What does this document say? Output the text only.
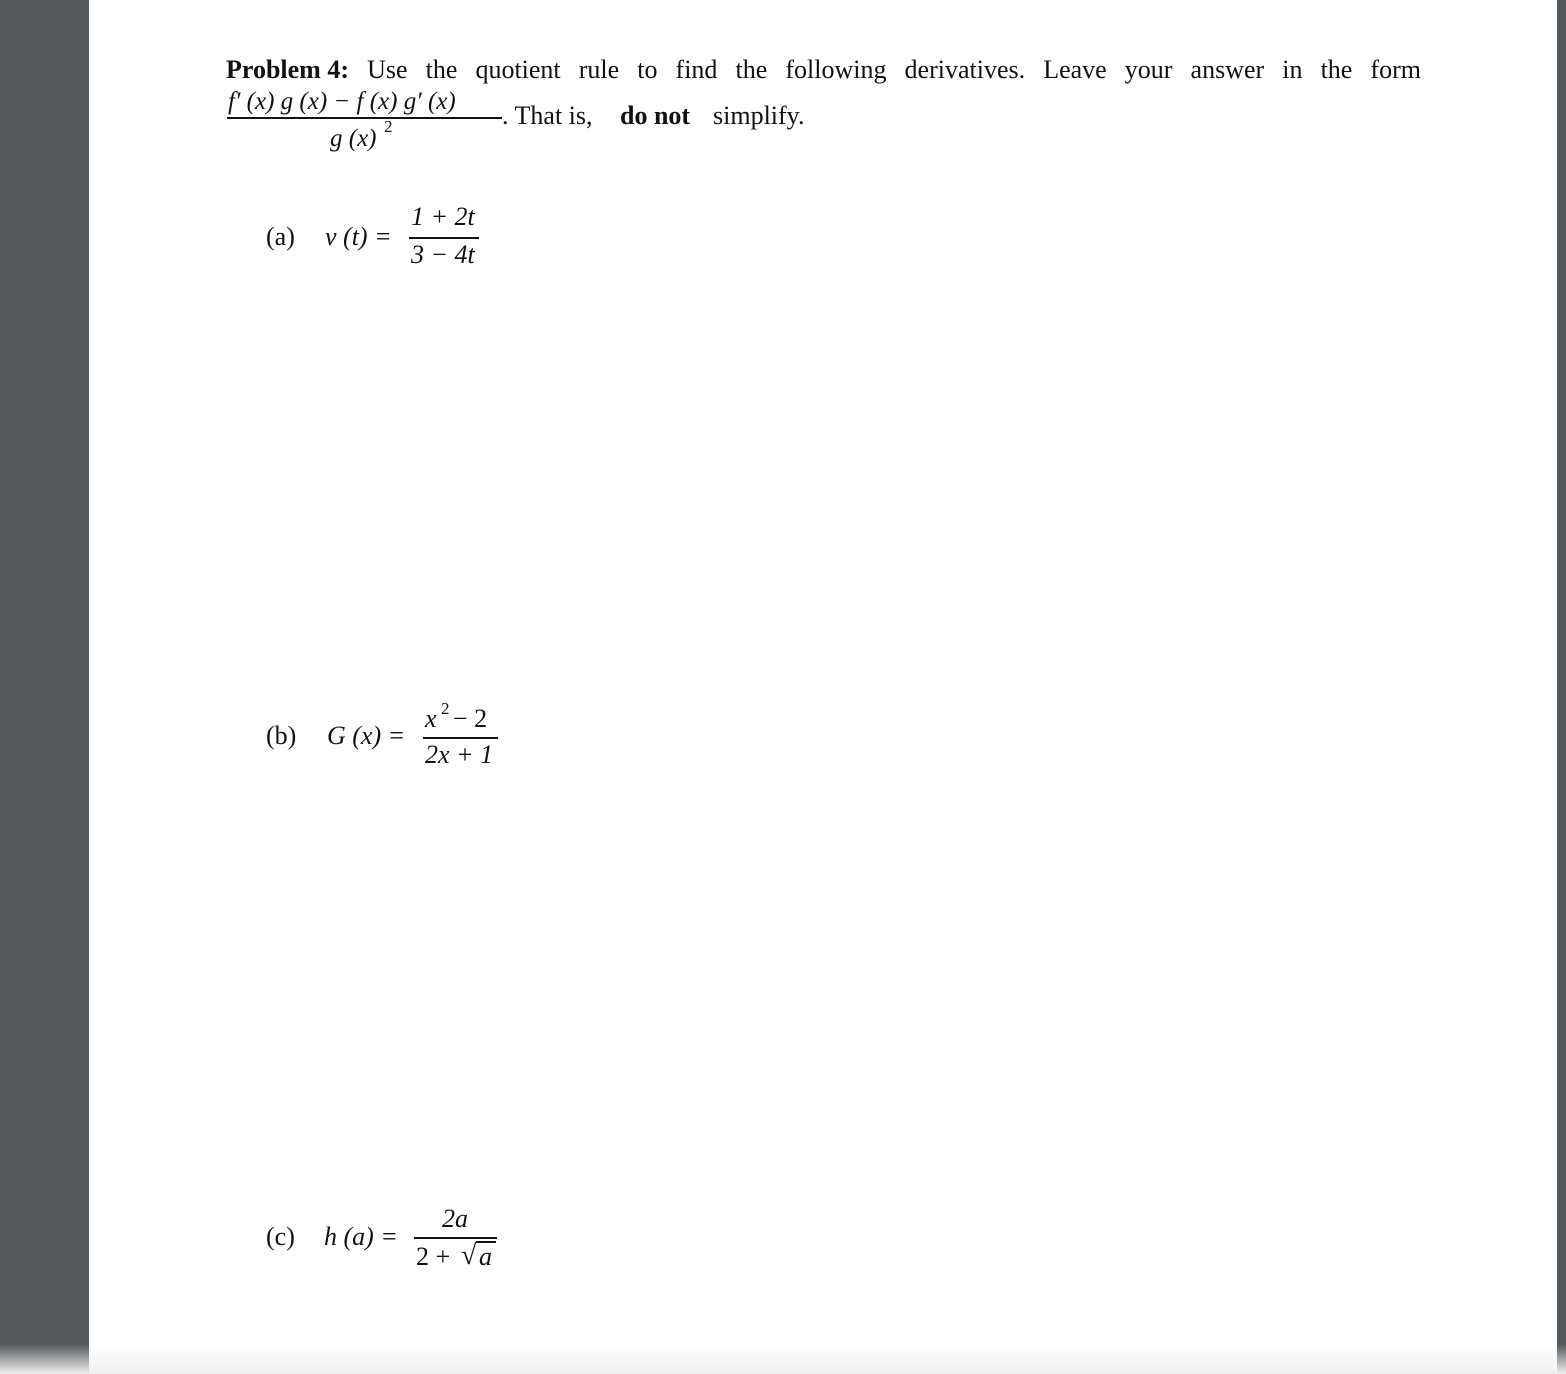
Problem 4: Use the quotient rule to find the following derivatives. Leave your answer in the form
f′ (x) g (x) − f (x) g′ (x)
g (x) 2	. That is, do not simplify.
(a) v (t) =
1 + 2t
3 − 4t
(b) G (x) =
x 2 − 2
2x + 1
(c) h (a) =
2a
2 + √ a
